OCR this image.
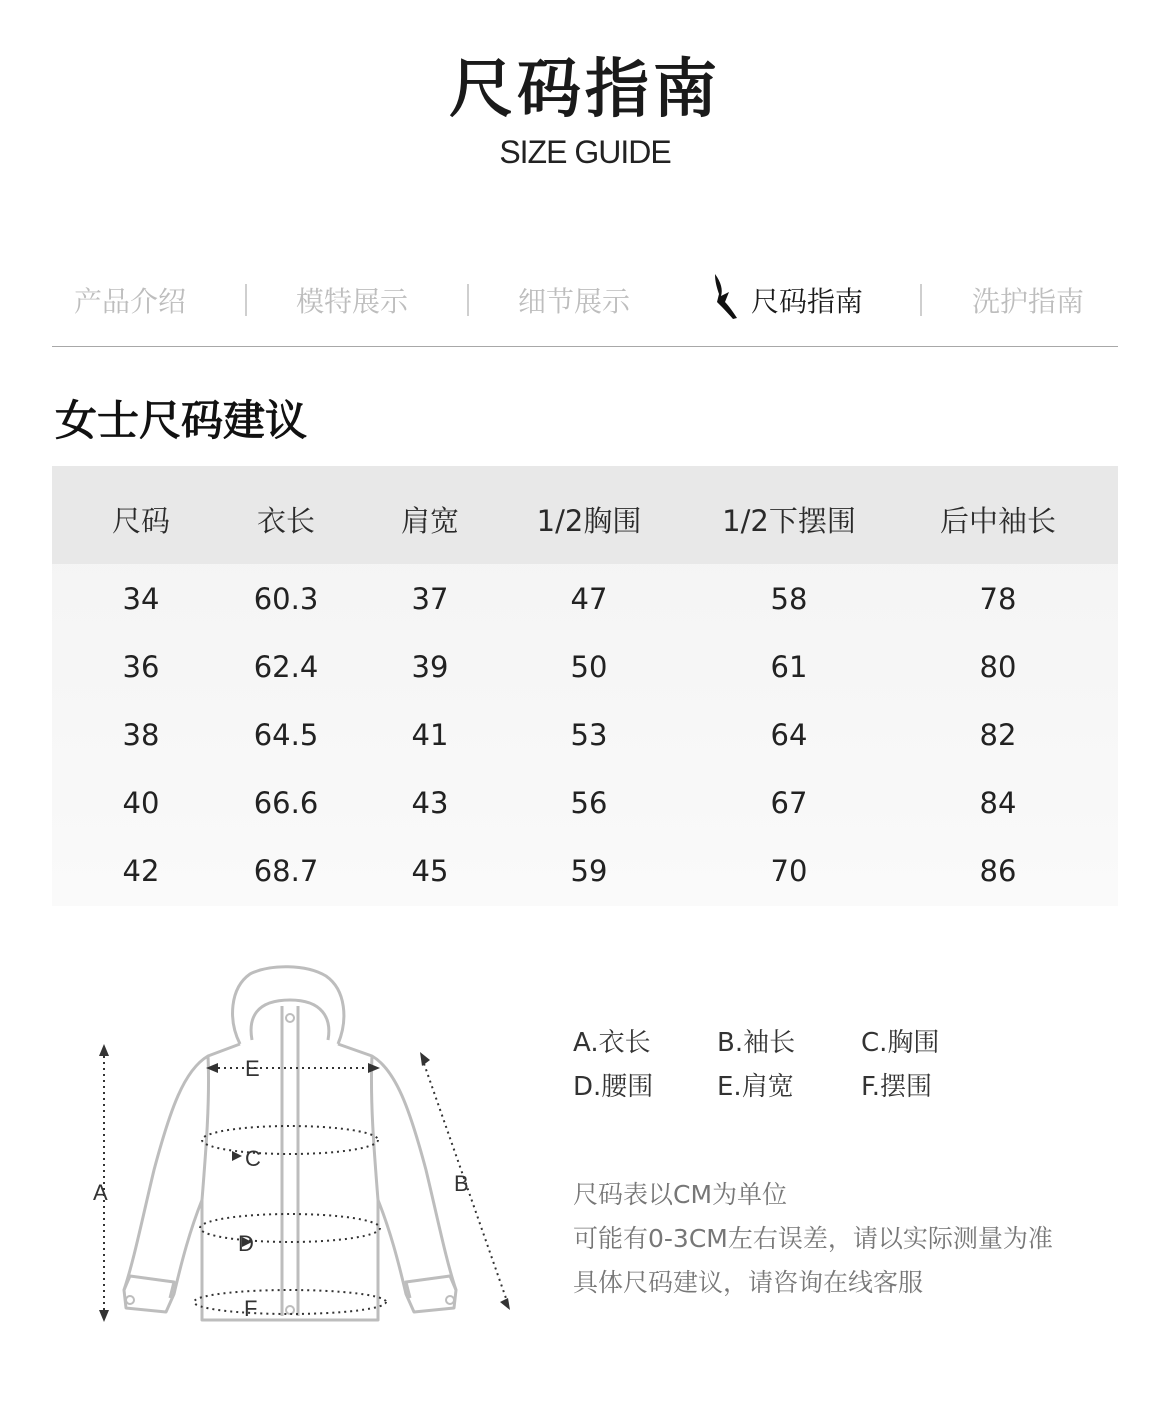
尺码指南
SIZE GUIDE
产品介绍	模特展示	细节展示	尺码指南	洗护指南
女士尺码建议
尺码	衣长	肩宽	1/2胸围	1/2下摆围	后中袖长
34	60.3	37	47	58	78
36	62.4	39	50	61	80
38	64.5	41	53	64	82
40	66.6	43	56	67	84
42	68.7	45	59	70	86
A	B
C
D
E
F
A.衣长	B.袖长	C.胸围
D.腰围 E.肩宽	F.摆围
尺码表以CM为单位
可能有0-3CM左右误差，请以实际测量为准
具体尺码建议，请咨询在线客服
